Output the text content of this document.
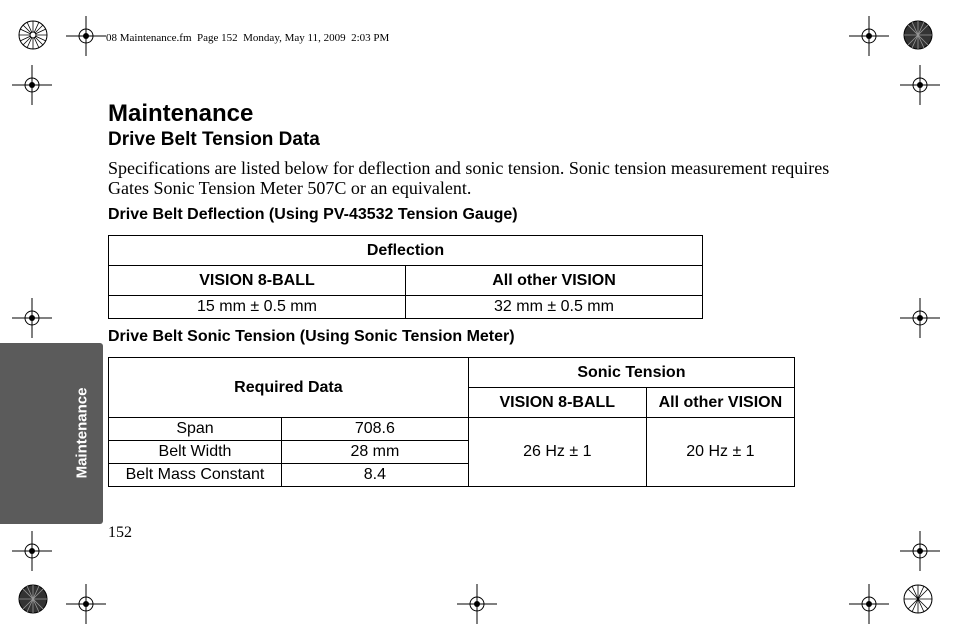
08 Maintenance.fm  Page 152  Monday, May 11, 2009  2:03 PM
Maintenance
Maintenance
Drive Belt Tension Data

Specifications are listed below for deflection and sonic tension. Sonic tension measurement requires Gates Sonic Tension Meter 507C or an equivalent.

Drive Belt Deflection (Using PV-43532 Tension Gauge)
Deflection	
VISION 8-BALL	All other VISION
15 mm ± 0.5 mm	32 mm ± 0.5 mm
Drive Belt Sonic Tension (Using Sonic Tension Meter)
Required Data		Sonic Tension	
		VISION 8-BALL	All other VISION
Span	708.6	26 Hz ± 1	20 Hz ± 1
Belt Width	28 mm		
Belt Mass Constant	8.4		
152
